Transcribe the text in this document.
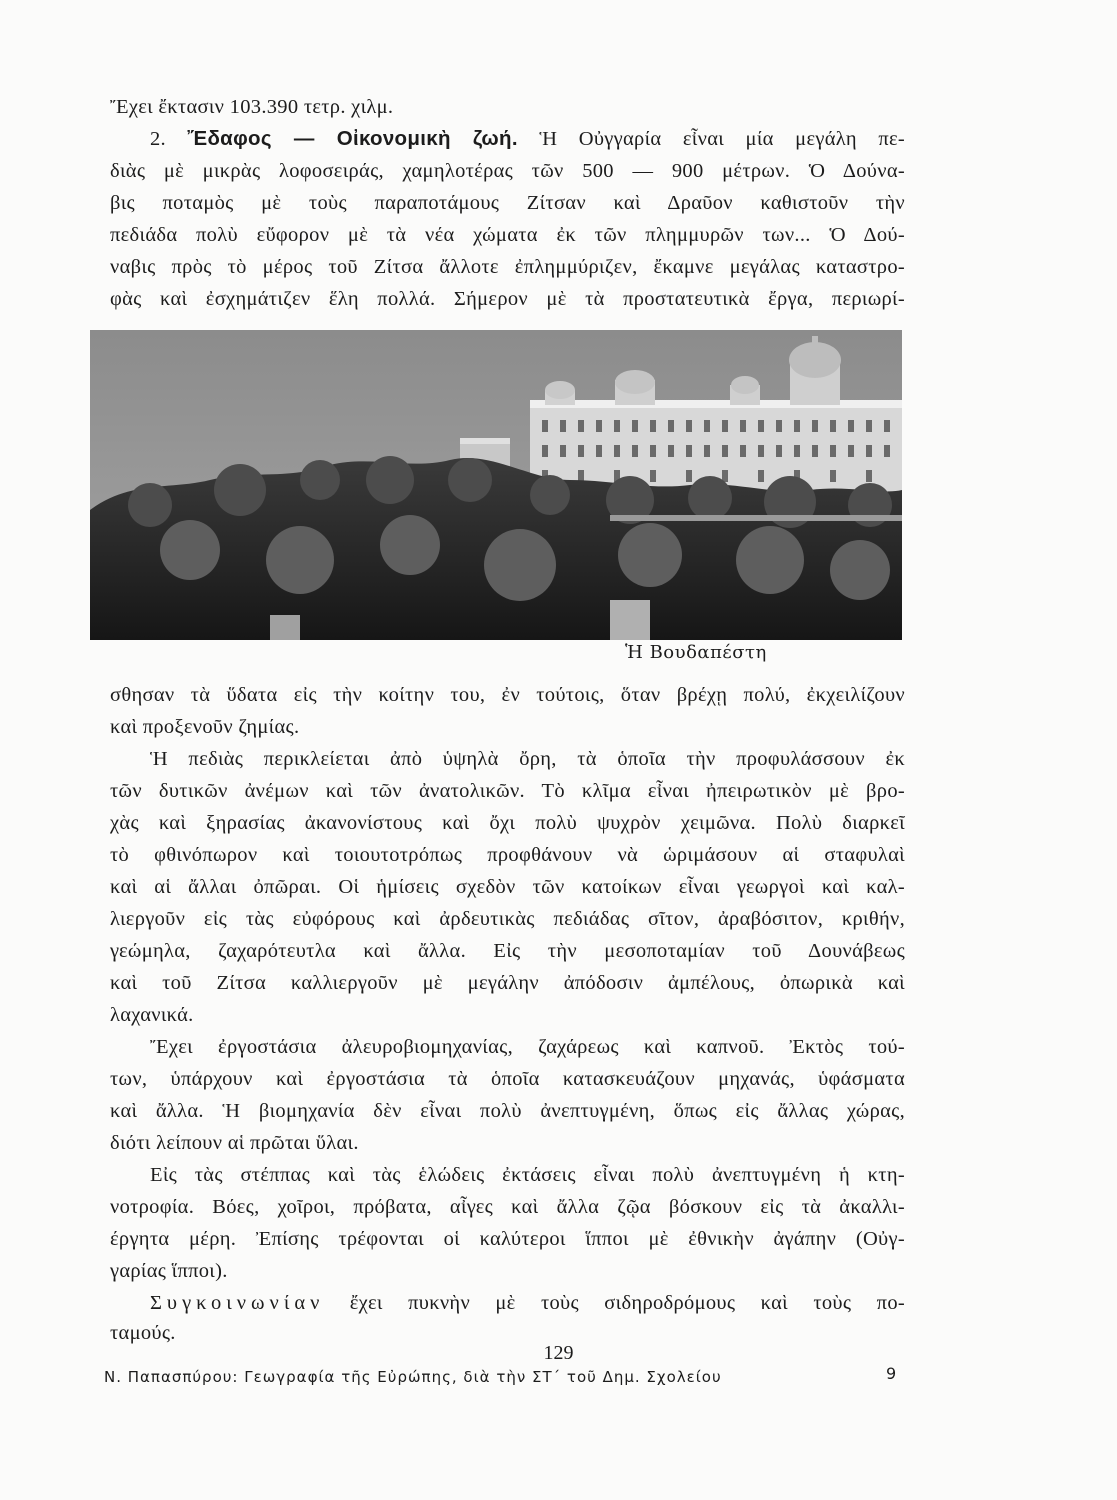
Ἔχει ἔκτασιν 103.390 τετρ. χιλμ.
2. Ἔδαφος — Οἰκονομικὴ ζωή. Ἡ Οὐγγαρία εἶναι μία μεγάλη πε-
διὰς μὲ μικρὰς λοφοσειράς, χαμηλοτέρας τῶν 500 — 900 μέτρων. Ὁ Δούνα-
βις ποταμὸς μὲ τοὺς παραποτάμους Ζίτσαν καὶ Δραῦον καθιστοῦν τὴν
πεδιάδα πολὺ εὔφορον μὲ τὰ νέα χώματα ἐκ τῶν πλημμυρῶν των... Ὁ Δού-
ναβις πρὸς τὸ μέρος τοῦ Ζίτσα ἄλλοτε ἐπλημμύριζεν, ἔκαμνε μεγάλας καταστρο-
φὰς καὶ ἐσχημάτιζεν ἕλη πολλά. Σήμερον μὲ τὰ προστατευτικὰ ἔργα, περιωρί-
Ἡ Βουδαπέστη
σθησαν τὰ ὕδατα εἰς τὴν κοίτην του, ἐν τούτοις, ὅταν βρέχῃ πολύ, ἐκχειλίζουν
καὶ προξενοῦν ζημίας.
Ἡ πεδιὰς περικλείεται ἀπὸ ὑψηλὰ ὄρη, τὰ ὁποῖα τὴν προφυλάσσουν ἐκ
τῶν δυτικῶν ἀνέμων καὶ τῶν ἀνατολικῶν. Τὸ κλῖμα εἶναι ἠπειρωτικὸν μὲ βρο-
χὰς καὶ ξηρασίας ἀκανονίστους καὶ ὄχι πολὺ ψυχρὸν χειμῶνα. Πολὺ διαρκεῖ
τὸ φθινόπωρον καὶ τοιουτοτρόπως προφθάνουν νὰ ὡριμάσουν αἱ σταφυλαὶ
καὶ αἱ ἄλλαι ὀπῶραι. Οἱ ἡμίσεις σχεδὸν τῶν κατοίκων εἶναι γεωργοὶ καὶ καλ-
λιεργοῦν εἰς τὰς εὐφόρους καὶ ἀρδευτικὰς πεδιάδας σῖτον, ἀραβόσιτον, κριθήν,
γεώμηλα, ζαχαρότευτλα καὶ ἄλλα. Εἰς τὴν μεσοποταμίαν τοῦ Δουνάβεως
καὶ τοῦ Ζίτσα καλλιεργοῦν μὲ μεγάλην ἀπόδοσιν ἀμπέλους, ὀπωρικὰ καὶ
λαχανικά.
Ἔχει ἐργοστάσια ἀλευροβιομηχανίας, ζαχάρεως καὶ καπνοῦ. Ἐκτὸς τού-
των, ὑπάρχουν καὶ ἐργοστάσια τὰ ὁποῖα κατασκευάζουν μηχανάς, ὑφάσματα
καὶ ἄλλα. Ἡ βιομηχανία δὲν εἶναι πολὺ ἀνεπτυγμένη, ὅπως εἰς ἄλλας χώρας,
διότι λείπουν αἱ πρῶται ὕλαι.
Εἰς τὰς στέππας καὶ τὰς ἑλώδεις ἐκτάσεις εἶναι πολὺ ἀνεπτυγμένη ἡ κτη-
νοτροφία. Βόες, χοῖροι, πρόβατα, αἶγες καὶ ἄλλα ζῷα βόσκουν εἰς τὰ ἀκαλλι-
έργητα μέρη. Ἐπίσης τρέφονται οἱ καλύτεροι ἵπποι μὲ ἐθνικὴν ἀγάπην (Οὐγ-
γαρίας ἵπποι).
Συγκοινωνίαν ἔχει πυκνὴν μὲ τοὺς σιδηροδρόμους καὶ τοὺς πο-
ταμούς.
129
Ν. Παπασπύρου: Γεωγραφία τῆς Εὐρώπης, διὰ τὴν ΣΤ΄ τοῦ Δημ. Σχολείου	9
